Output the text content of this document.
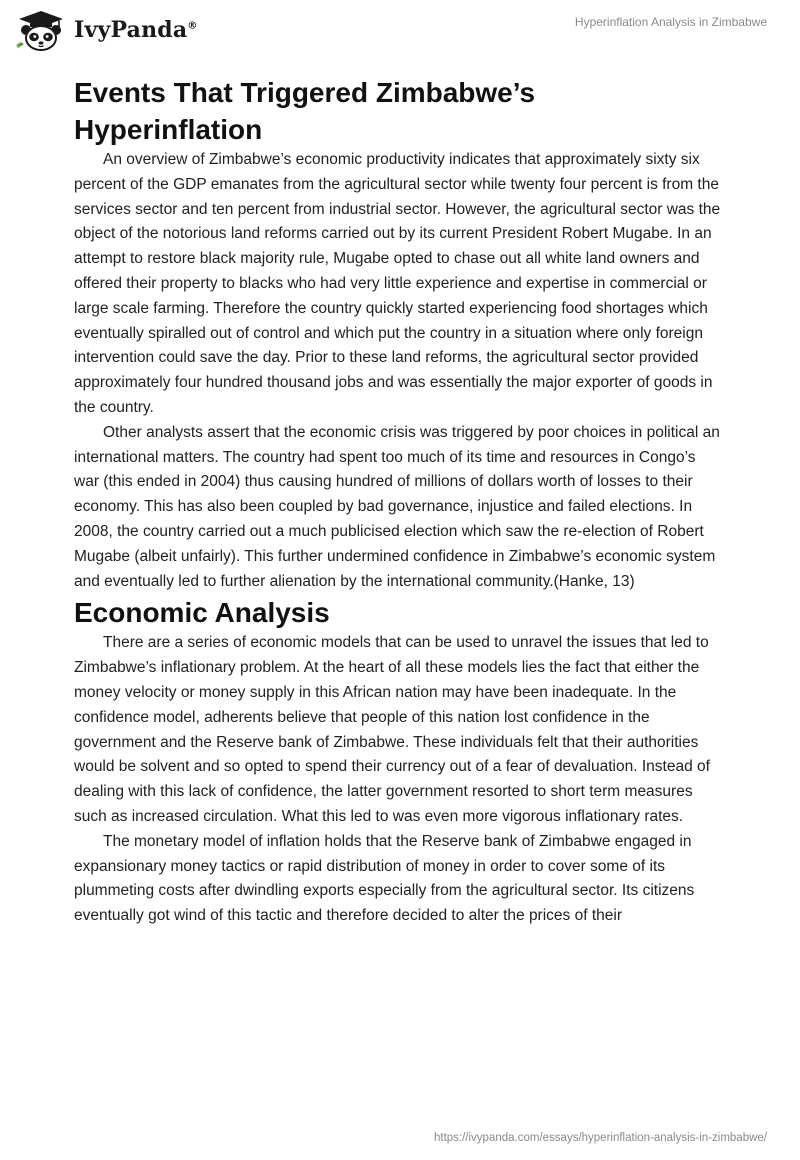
IvyPanda®	Hyperinflation Analysis in Zimbabwe
Events That Triggered Zimbabwe’s Hyperinflation

An overview of Zimbabwe’s economic productivity indicates that approximately sixty six percent of the GDP emanates from the agricultural sector while twenty four percent is from the services sector and ten percent from industrial sector. However, the agricultural sector was the object of the notorious land reforms carried out by its current President Robert Mugabe. In an attempt to restore black majority rule, Mugabe opted to chase out all white land owners and offered their property to blacks who had very little experience and expertise in commercial or large scale farming. Therefore the country quickly started experiencing food shortages which eventually spiralled out of control and which put the country in a situation where only foreign intervention could save the day. Prior to these land reforms, the agricultural sector provided approximately four hundred thousand jobs and was essentially the major exporter of goods in the country.

Other analysts assert that the economic crisis was triggered by poor choices in political an international matters. The country had spent too much of its time and resources in Congo’s war (this ended in 2004) thus causing hundred of millions of dollars worth of losses to their economy. This has also been coupled by bad governance, injustice and failed elections. In 2008, the country carried out a much publicised election which saw the re-election of Robert Mugabe (albeit unfairly). This further undermined confidence in Zimbabwe’s economic system and eventually led to further alienation by the international community.(Hanke, 13)

Economic Analysis

There are a series of economic models that can be used to unravel the issues that led to Zimbabwe’s inflationary problem. At the heart of all these models lies the fact that either the money velocity or money supply in this African nation may have been inadequate. In the confidence model, adherents believe that people of this nation lost confidence in the government and the Reserve bank of Zimbabwe. These individuals felt that their authorities would be solvent and so opted to spend their currency out of a fear of devaluation. Instead of dealing with this lack of confidence, the latter government resorted to short term measures such as increased circulation. What this led to was even more vigorous inflationary rates.

The monetary model of inflation holds that the Reserve bank of Zimbabwe engaged in expansionary money tactics or rapid distribution of money in order to cover some of its plummeting costs after dwindling exports especially from the agricultural sector. Its citizens eventually got wind of this tactic and therefore decided to alter the prices of their

https://ivypanda.com/essays/hyperinflation-analysis-in-zimbabwe/
